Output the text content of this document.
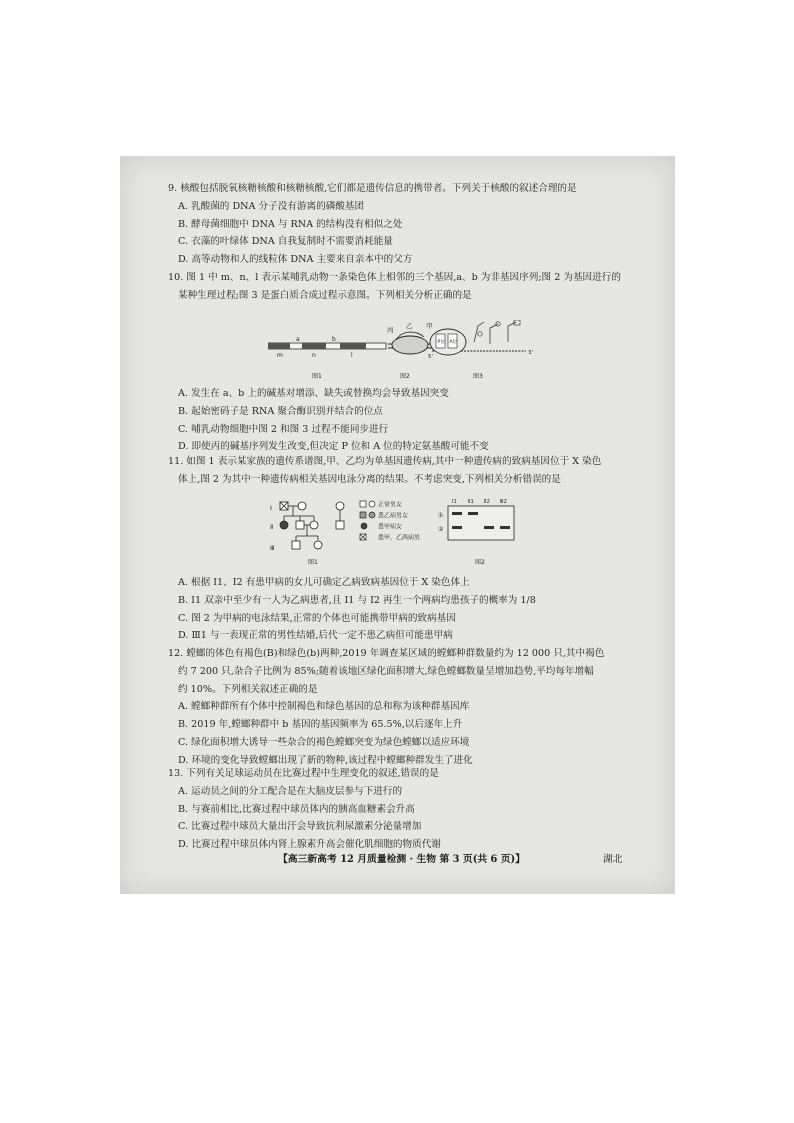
9. 核酸包括脱氧核糖核酸和核糖核酸,它们都是遗传信息的携带者。下列关于核酸的叙述合理的是

A. 乳酸菌的 DNA 分子没有游离的磷酸基团

B. 酵母菌细胞中 DNA 与 RNA 的结构没有相似之处

C. 衣藻的叶绿体 DNA 自我复制时不需要消耗能量

D. 高等动物和人的线粒体 DNA 主要来自亲本中的父方

10. 图 1 中 m、n、l 表示某哺乳动物一条染色体上相邻的三个基因,a、b 为非基因序列;图 2 为基因进行的

某种生理过程;图 3 是蛋白质合成过程示意图。下列相关分析正确的是

a	b
m	n	l
丙 乙 甲
P位 A位
5'
3'
图1	图2	图3

A. 发生在 a、b 上的碱基对增添、缺失或替换均会导致基因突变

B. 起始密码子是 RNA 聚合酶识别并结合的位点

C. 哺乳动物细胞中图 2 和图 3 过程不能同步进行

D. 即使丙的碱基序列发生改变,但决定 P 位和 A 位的特定氨基酸可能不变

11. 如图 1 表示某家族的遗传系谱图,甲、乙均为单基因遗传病,其中一种遗传病的致病基因位于 X 染色

体上,图 2 为其中一种遗传病相关基因电泳分离的结果。不考虑突变,下列相关分析错误的是

Ⅰ
Ⅱ
Ⅲ
正常男女
患乙病男女
患甲病女
患甲、乙两病男
Ⅰ1 Ⅱ1 Ⅱ2 Ⅲ2
①
②
图1	图2

A. 根据 Ⅰ1、Ⅰ2 有患甲病的女儿可确定乙病致病基因位于 X 染色体上

B. Ⅰ1 双亲中至少有一人为乙病患者,且 Ⅰ1 与 Ⅰ2 再生一个两病均患孩子的概率为 1/8

C. 图 2 为甲病的电泳结果,正常的个体也可能携带甲病的致病基因

D. Ⅲ1 与一表现正常的男性结婚,后代一定不患乙病但可能患甲病

12. 螳螂的体色有褐色(B)和绿色(b)两种,2019 年调查某区域的螳螂种群数量约为 12 000 只,其中褐色

约 7 200 只,杂合子比例为 85%;随着该地区绿化面积增大,绿色螳螂数量呈增加趋势,平均每年增幅

约 10%。下列相关叙述正确的是

A. 螳螂种群所有个体中控制褐色和绿色基因的总和称为该种群基因库

B. 2019 年,螳螂种群中 b 基因的基因频率为 65.5%,以后逐年上升

C. 绿化面积增大诱导一些杂合的褐色螳螂突变为绿色螳螂以适应环境

D. 环境的变化导致螳螂出现了新的物种,该过程中螳螂种群发生了进化

13. 下列有关足球运动员在比赛过程中生理变化的叙述,错误的是

A. 运动员之间的分工配合是在大脑皮层参与下进行的

B. 与赛前相比,比赛过程中球员体内的胰高血糖素会升高

C. 比赛过程中球员大量出汗会导致抗利尿激素分泌量增加

D. 比赛过程中球员体内肾上腺素升高会催化肌细胞的物质代谢

【高三新高考 12 月质量检测 · 生物 第 3 页(共 6 页)】	湖北
